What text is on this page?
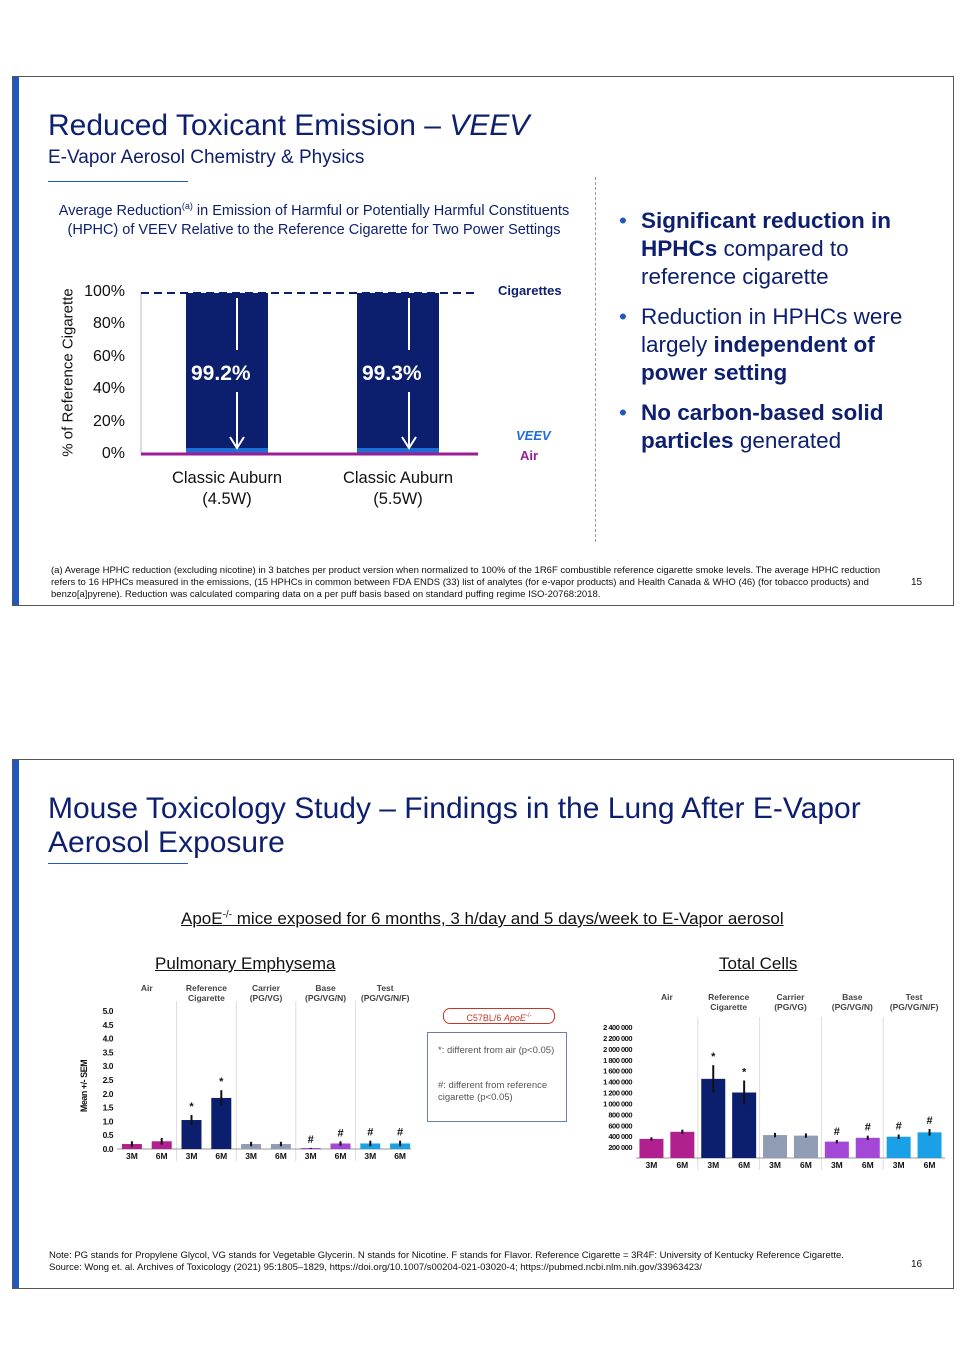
Reduced Toxicant Emission – VEEV
E-Vapor Aerosol Chemistry & Physics
Average Reduction$^{(a)}$ in Emission of Harmful or Potentially Harmful Constituents
(HPHC) of VEEV Relative to the Reference Cigarette for Two Power Settings
% of Reference Cigarette 100%
80%
60%
40%
20%
0%
99.2%	99.3%
Cigarettes
VEEV
Air
Classic Auburn
(4.5W)
Classic Auburn
(5.5W)
• Significant reduction in HPHCs compared to reference cigarette
• Reduction in HPHCs were largely independent of power setting
• No carbon-based solid particles generated
(a) Average HPHC reduction (excluding nicotine) in 3 batches per product version when normalized to 100% of the 1R6F combustible reference cigarette smoke levels. The average HPHC reduction refers to 16 HPHCs measured in the emissions, (15 HPHCs in common between FDA ENDS (33) list of analytes (for e-vapor products) and Health Canada & WHO (46) (for tobacco products) and benzo[a]pyrene). Reduction was calculated comparing data on a per puff basis based on standard puffing regime ISO-20768:2018.
15
Mouse Toxicology Study – Findings in the Lung After E-Vapor
Aerosol Exposure
ApoE-/- mice exposed for 6 months, 3 h/day and 5 days/week to E-Vapor aerosol
Pulmonary Emphysema	Total Cells
0.0
0.5
1.0
1.5
2.0
2.5
3.0
3.5
4.0
4.5
5.0
Air	Reference
Cigarette
Carrier
(PG/VG)
Base
(PG/VG/N)
Test
(PG/VG/N/F)
3M 6M
*
3M
*
6M 3M 6M
#
3M
#
6M
#
3M
#
6M
Mean +/- SEM
C57BL/6 ApoE-/-
*: different from air (p<0.05)
#: different from reference cigarette (p<0.05)
200 000
400 000
600 000
800 000
1 000 000
1 200 000
1 400 000
1 600 000
1 800 000
2 000 000
2 200 000
2 400 000
Air	Reference
Cigarette
Carrier
(PG/VG)
Base
(PG/VG/N)
Test
(PG/VG/N/F)
3M 6M
*
3M
*
6M 3M 6M
#
3M
#
6M
#
3M
#
6M
Note: PG stands for Propylene Glycol, VG stands for Vegetable Glycerin. N stands for Nicotine. F stands for Flavor. Reference Cigarette = 3R4F: University of Kentucky Reference Cigarette.
Source: Wong et. al. Archives of Toxicology (2021) 95:1805–1829, https://doi.org/10.1007/s00204-021-03020-4; https://pubmed.ncbi.nlm.nih.gov/33963423/	16
